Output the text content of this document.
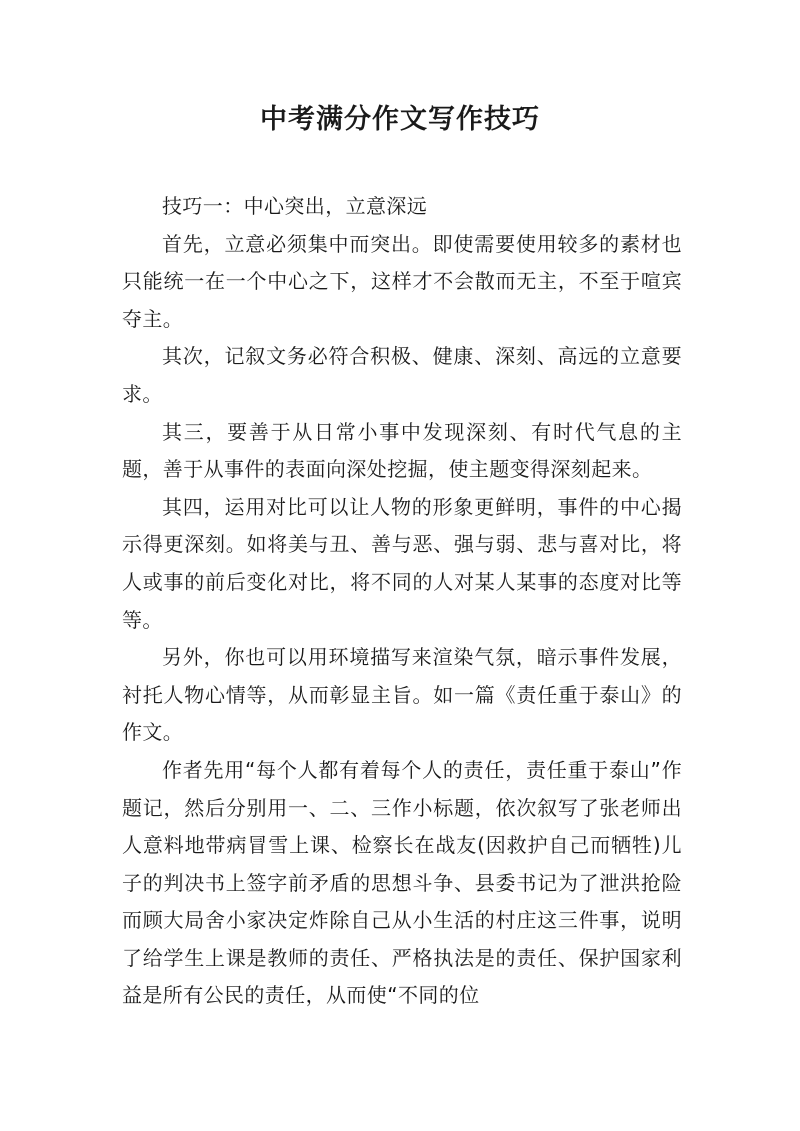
中考满分作文写作技巧

技巧一：中心突出，立意深远

首先，立意必须集中而突出。即使需要使用较多的素材也只能统一在一个中心之下，这样才不会散而无主，不至于喧宾夺主。

其次，记叙文务必符合积极、健康、深刻、高远的立意要求。

其三，要善于从日常小事中发现深刻、有时代气息的主题，善于从事件的表面向深处挖掘，使主题变得深刻起来。

其四，运用对比可以让人物的形象更鲜明，事件的中心揭示得更深刻。如将美与丑、善与恶、强与弱、悲与喜对比，将人或事的前后变化对比，将不同的人对某人某事的态度对比等等。

另外，你也可以用环境描写来渲染气氛，暗示事件发展，衬托人物心情等，从而彰显主旨。如一篇《责任重于泰山》的作文。

作者先用“每个人都有着每个人的责任，责任重于泰山”作题记，然后分别用一、二、三作小标题，依次叙写了张老师出人意料地带病冒雪上课、检察长在战友(因救护自己而牺牲)儿子的判决书上签字前矛盾的思想斗争、县委书记为了泄洪抢险而顾大局舍小家决定炸除自己从小生活的村庄这三件事，说明了给学生上课是教师的责任、严格执法是的责任、保护国家利益是所有公民的责任，从而使“不同的位
